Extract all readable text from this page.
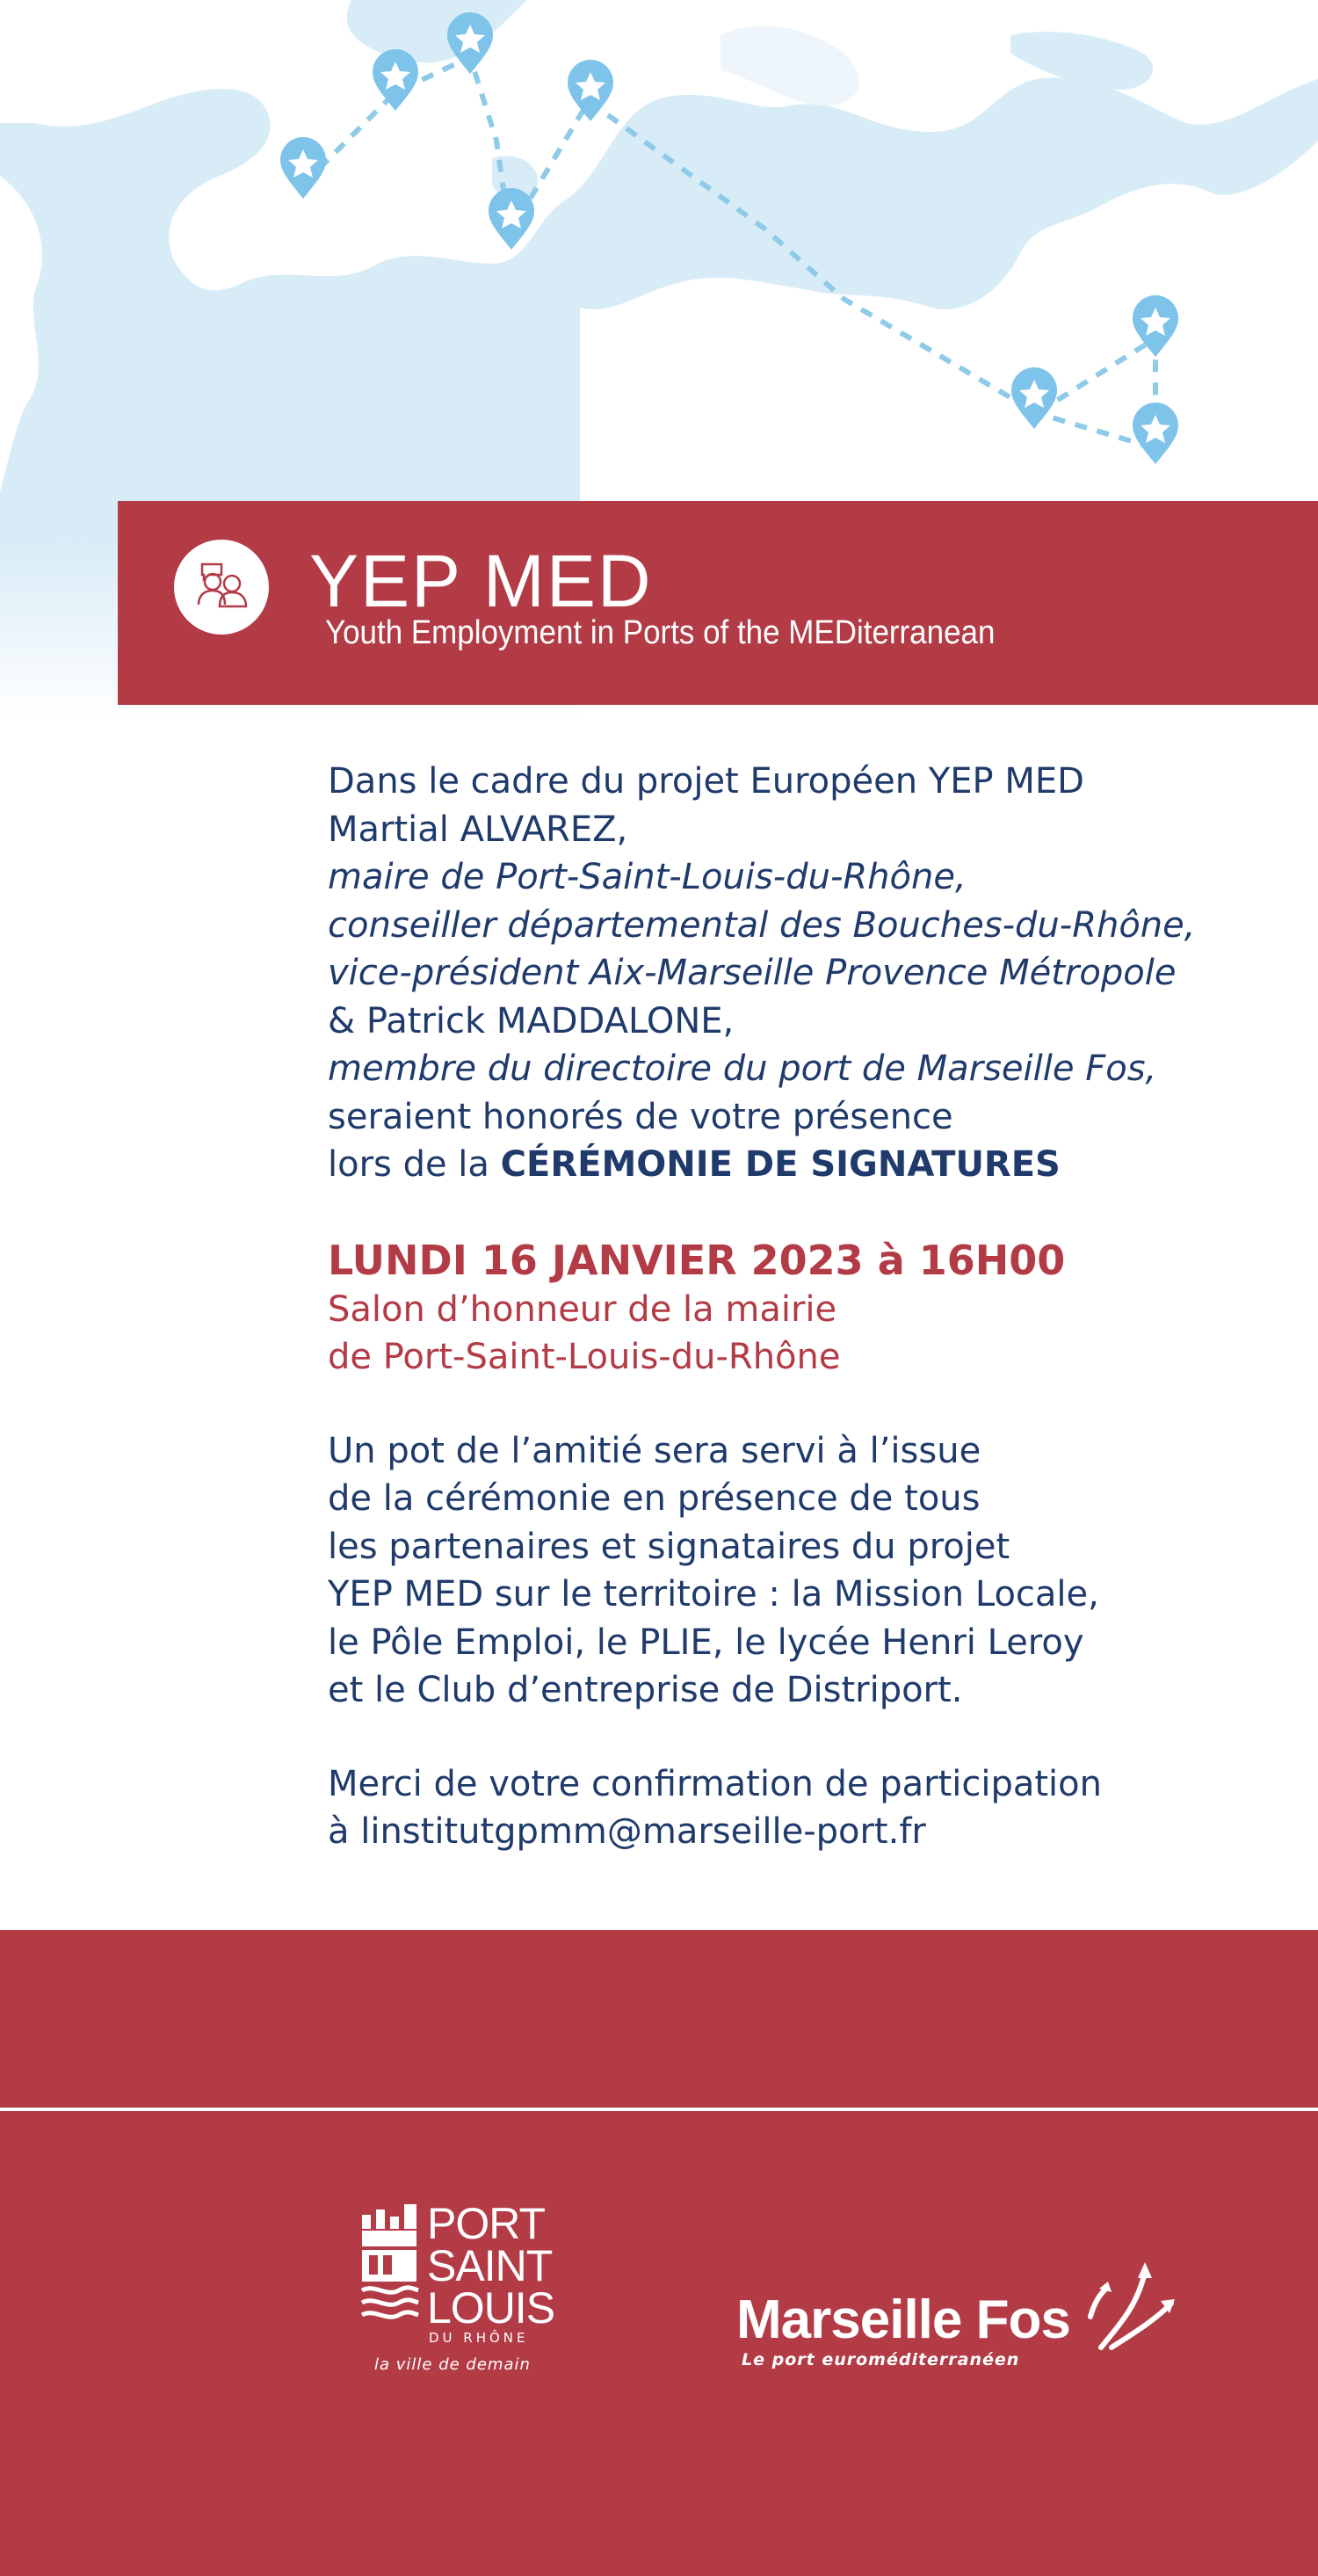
YEP MED
Youth Employment in Ports of the MEDiterranean
Dans le cadre du projet Européen YEP MED
Martial ALVAREZ,
maire de Port-Saint-Louis-du-Rhône,
conseiller départemental des Bouches-du-Rhône,
vice-président Aix-Marseille Provence Métropole
& Patrick MADDALONE,
membre du directoire du port de Marseille Fos,
seraient honorés de votre présence
lors de la CÉRÉMONIE DE SIGNATURES
LUNDI 16 JANVIER 2023 à 16H00
Salon d’honneur de la mairie
de Port-Saint-Louis-du-Rhône
Un pot de l’amitié sera servi à l’issue
de la cérémonie en présence de tous
les partenaires et signataires du projet
YEP MED sur le territoire : la Mission Locale,
le Pôle Emploi, le PLIE, le lycée Henri Leroy
et le Club d’entreprise de Distriport.
Merci de votre confirmation de participation
à linstitutgpmm@marseille-port.fr
PORT
SAINT
LOUIS
DU RHÔNE
la ville de demain
Marseille Fos
Le port euroméditerranéen
